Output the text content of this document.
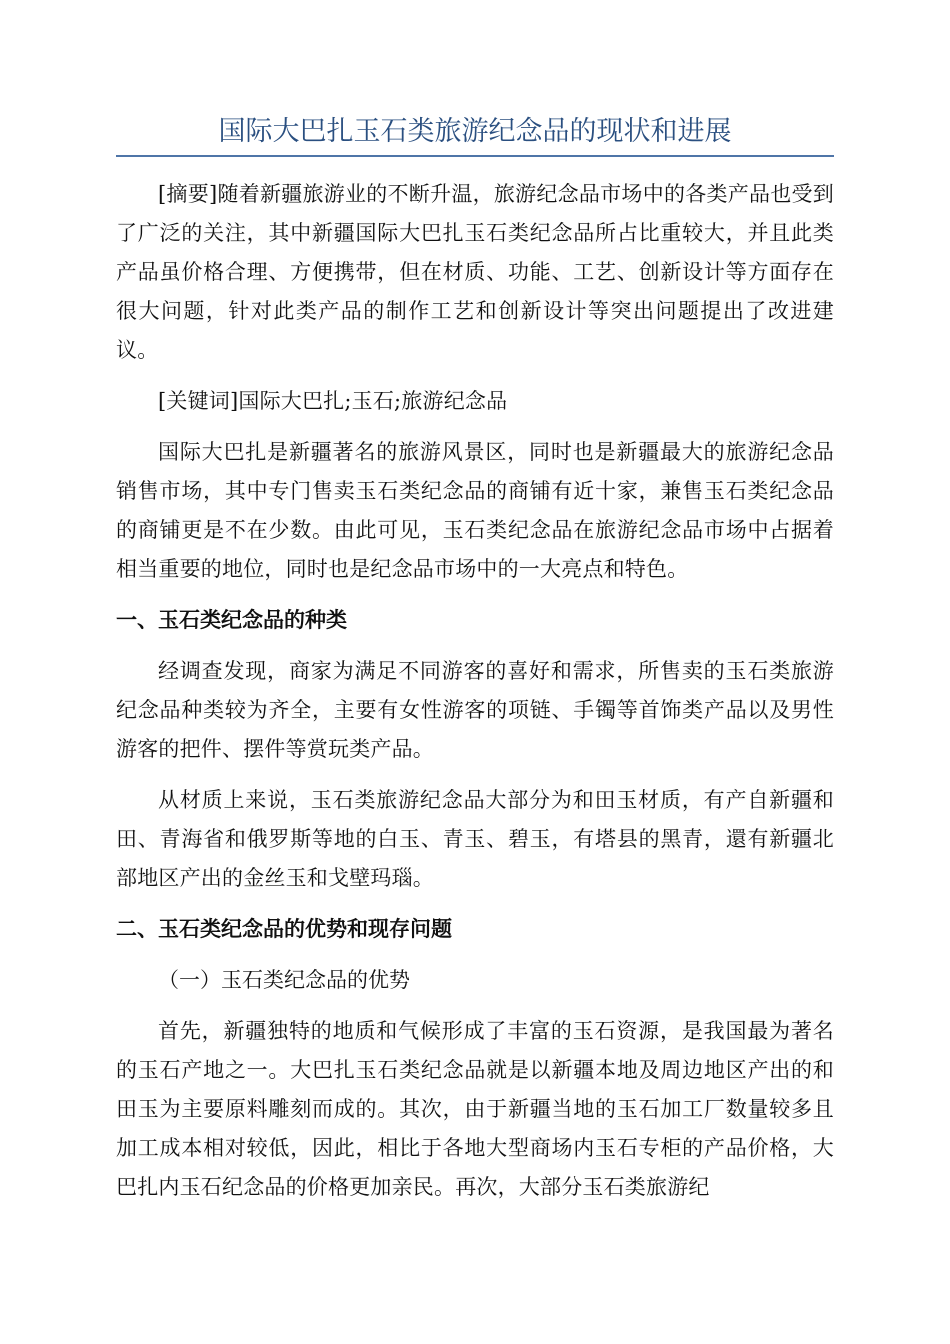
国际大巴扎玉石类旅游纪念品的现状和进展

[摘要]随着新疆旅游业的不断升温，旅游纪念品市场中的各类产品也受到了广泛的关注，其中新疆国际大巴扎玉石类纪念品所占比重较大，并且此类产品虽价格合理、方便携带，但在材质、功能、工艺、创新设计等方面存在很大问题，针对此类产品的制作工艺和创新设计等突出问题提出了改进建议。

[关键词]国际大巴扎;玉石;旅游纪念品

国际大巴扎是新疆著名的旅游风景区，同时也是新疆最大的旅游纪念品销售市场，其中专门售卖玉石类纪念品的商铺有近十家，兼售玉石类纪念品的商铺更是不在少数。由此可见，玉石类纪念品在旅游纪念品市场中占据着相当重要的地位，同时也是纪念品市场中的一大亮点和特色。

一、玉石类纪念品的种类

经调查发现，商家为满足不同游客的喜好和需求，所售卖的玉石类旅游纪念品种类较为齐全，主要有女性游客的项链、手镯等首饰类产品以及男性游客的把件、摆件等赏玩类产品。

从材质上来说，玉石类旅游纪念品大部分为和田玉材质，有产自新疆和田、青海省和俄罗斯等地的白玉、青玉、碧玉，有塔县的黑青，還有新疆北部地区产出的金丝玉和戈壁玛瑙。

二、玉石类纪念品的优势和现存问题
（一）玉石类纪念品的优势

首先，新疆独特的地质和气候形成了丰富的玉石资源，是我国最为著名的玉石产地之一。大巴扎玉石类纪念品就是以新疆本地及周边地区产出的和田玉为主要原料雕刻而成的。其次，由于新疆当地的玉石加工厂数量较多且加工成本相对较低，因此，相比于各地大型商场内玉石专柜的产品价格，大巴扎内玉石纪念品的价格更加亲民。再次，大部分玉石类旅游纪
